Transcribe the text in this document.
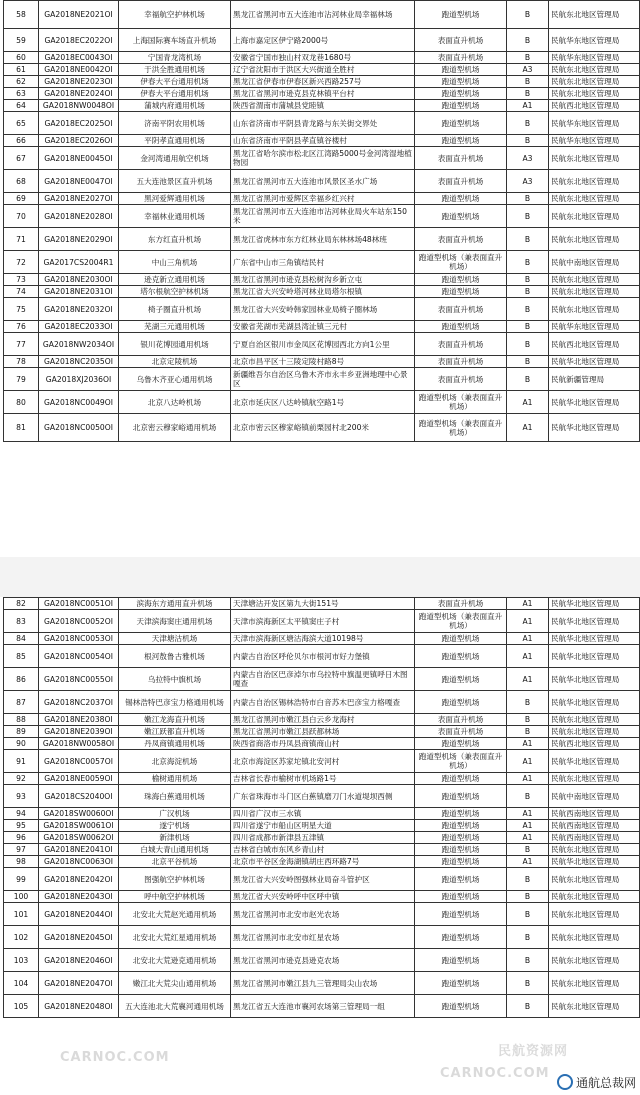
58	GA2018NE2021OI	幸福航空护林机场	黑龙江省黑河市五大连池市沾河林业局幸福林场	跑道型机场	B	民航东北地区管理局
59	GA2018EC2022OI	上海国际赛车场直升机场	上海市嘉定区伊宁路2000号	表面直升机场	B	民航华东地区管理局
60	GA2018EC0043OI	宁国青龙湾机场	安徽省宁国市独山村双龙巷1680号	表面直升机场	B	民航华东地区管理局
61	GA2018NE0042OI	于洪全胜通用机场	辽宁省沈阳市于洪区大兴街道全胜村	跑道型机场	A3	民航东北地区管理局
62	GA2018NE2023OI	伊春大平台通用机场	黑龙江省伊春市伊春区新兴西路257号	跑道型机场	B	民航东北地区管理局
63	GA2018NE2024OI	伊春大平台通用机场	黑龙江省黑河市逊克县克林镇平台村	跑道型机场	B	民航东北地区管理局
64	GA2018NW0048OI	蒲城内府通用机场	陕西省渭南市蒲城县党睦镇	跑道型机场	A1	民航西北地区管理局
65	GA2018EC2025OI	济南平阴农用机场	山东省济南市平阴县青龙路与东关街交界处	跑道型机场	B	民航华东地区管理局
66	GA2018EC2026OI	平阴孝直通用机场	山东省济南市平阴县孝直镇谷楼村	跑道型机场	B	民航华东地区管理局
67	GA2018NE0045OI	金河湾通用航空机场	黑龙江省哈尔滨市松北区江湾路5000号金河湾湿地植物园	表面直升机场	A3	民航东北地区管理局
68	GA2018NE0047OI	五大连池景区直升机场	黑龙江省黑河市五大连池市风景区圣水广场	表面直升机场	A3	民航东北地区管理局
69	GA2018NE2027OI	黑河爱辉通用机场	黑龙江省黑河市爱辉区幸福乡红兴村	跑道型机场	B	民航东北地区管理局
70	GA2018NE2028OI	幸福林业通用机场	黑龙江省黑河市五大连池市沾河林业局火车站东150米	跑道型机场	B	民航东北地区管理局
71	GA2018NE2029OI	东方红直升机场	黑龙江省虎林市东方红林业局东林林场48林班	表面直升机场	B	民航东北地区管理局
72	GA2017CS2004R1	中山三角机场	广东省中山市三角镇结民村	跑道型机场（兼表面直升机场）	B	民航中南地区管理局
73	GA2018NE2030OI	逊克新立通用机场	黑龙江省黑河市逊克县松树沟乡新立屯	跑道型机场	B	民航东北地区管理局
74	GA2018NE2031OI	塔尔根航空护林机场	黑龙江省大兴安岭塔河林业局塔尔根镇	跑道型机场	B	民航东北地区管理局
75	GA2018NE2032OI	椅子圈直升机场	黑龙江省大兴安岭韩家园林业局椅子圈林场	表面直升机场	B	民航东北地区管理局
76	GA2018EC2033OI	芜湖三元通用机场	安徽省芜湖市芜湖县湾沚镇三元村	跑道型机场	B	民航华东地区管理局
77	GA2018NW2034OI	银川花博园通用机场	宁夏自治区银川市金凤区花博园西北方向1公里	表面直升机场	B	民航西北地区管理局
78	GA2018NC2035OI	北京定陵机场	北京市昌平区十三陵定陵村路8号	表面直升机场	B	民航华北地区管理局
79	GA2018XJ2036OI	乌鲁木齐亚心通用机场	新疆维吾尔自治区乌鲁木齐市永丰乡亚洲地理中心景区	表面直升机场	B	民航新疆管理局
80	GA2018NC0049OI	北京八达岭机场	北京市延庆区八达岭镇航空路1号	跑道型机场（兼表面直升机场）	A1	民航华北地区管理局
81	GA2018NC0050OI	北京密云穆家峪通用机场	北京市密云区穆家峪镇前栗园村北200米	跑道型机场（兼表面直升机场）	A1	民航华北地区管理局
82	GA2018NC0051OI	滨海东方通用直升机场	天津塘沽开发区第九大街151号	表面直升机场	A1	民航华北地区管理局
83	GA2018NC0052OI	天津滨海窦庄通用机场	天津市滨海新区太平镇窦庄子村	跑道型机场（兼表面直升机场）	A1	民航华北地区管理局
84	GA2018NC0053OI	天津塘沽机场	天津市滨海新区塘沽海滨大道10198号	跑道型机场	A1	民航华北地区管理局
85	GA2018NC0054OI	根河敖鲁古雅机场	内蒙古自治区呼伦贝尔市根河市好力堡镇	跑道型机场	A1	民航华北地区管理局
86	GA2018NC0055OI	乌拉特中旗机场	内蒙古自治区巴彦淖尔市乌拉特中旗温更镇呼日木图嘎查	跑道型机场	A1	民航华北地区管理局
87	GA2018NC2037OI	锡林浩特巴彦宝力格通用机场	内蒙古自治区锡林浩特市白音苏木巴彦宝力格嘎查	跑道型机场	B	民航华北地区管理局
88	GA2018NE2038OI	嫩江龙海直升机场	黑龙江省黑河市嫩江县白云乡龙海村	表面直升机场	B	民航东北地区管理局
89	GA2018NE2039OI	嫩江跃都直升机场	黑龙江省黑河市嫩江县跃都林场	表面直升机场	B	民航东北地区管理局
90	GA2018NW0058OI	丹凤商镇通用机场	陕西省商洛市丹凤县商镇商山村	跑道型机场	A1	民航西北地区管理局
91	GA2018NC0057OI	北京海淀机场	北京市海淀区苏家坨镇北安河村	跑道型机场（兼表面直升机场）	A1	民航华北地区管理局
92	GA2018NE0059OI	榆树通用机场	吉林省长春市榆树市机场路1号	跑道型机场	A1	民航东北地区管理局
93	GA2018CS2040OI	珠海白蕉通用机场	广东省珠海市斗门区白蕉镇磨刀门水道堤坝西侧	跑道型机场	B	民航中南地区管理局
94	GA2018SW0060OI	广汉机场	四川省广汉市三水镇	跑道型机场	A1	民航西南地区管理局
95	GA2018SW0061OI	遂宁机场	四川省遂宁市船山区明星大道	跑道型机场	A1	民航西南地区管理局
96	GA2018SW0062OI	新津机场	四川省成都市新津县五津镇	跑道型机场	A1	民航西南地区管理局
97	GA2018NE2041OI	白城大青山通用机场	吉林省白城市东风乡青山村	跑道型机场	B	民航东北地区管理局
98	GA2018NC0063OI	北京平谷机场	北京市平谷区金海湖镇胡庄西环路7号	跑道型机场	A1	民航华北地区管理局
99	GA2018NE2042OI	图强航空护林机场	黑龙江省大兴安岭图强林业局奋斗管护区	跑道型机场	B	民航东北地区管理局
100	GA2018NE2043OI	呼中航空护林机场	黑龙江省大兴安岭呼中区呼中镇	跑道型机场	B	民航东北地区管理局
101	GA2018NE2044OI	北安北大荒赵光通用机场	黑龙江省黑河市北安市赵光农场	跑道型机场	B	民航东北地区管理局
102	GA2018NE2045OI	北安北大荒红星通用机场	黑龙江省黑河市北安市红星农场	跑道型机场	B	民航东北地区管理局
103	GA2018NE2046OI	北安北大荒逊克通用机场	黑龙江省黑河市逊克县逊克农场	跑道型机场	B	民航东北地区管理局
104	GA2018NE2047OI	嫩江北大荒尖山通用机场	黑龙江省黑河市嫩江县九三管理局尖山农场	跑道型机场	B	民航东北地区管理局
105	GA2018NE2048OI	五大连池北大荒襄河通用机场	黑龙江省五大连池市襄河农场第三管理局一组	跑道型机场	B	民航东北地区管理局
CARNOC.COM	民航资源网
CARNOC.COM
通航总裁网
